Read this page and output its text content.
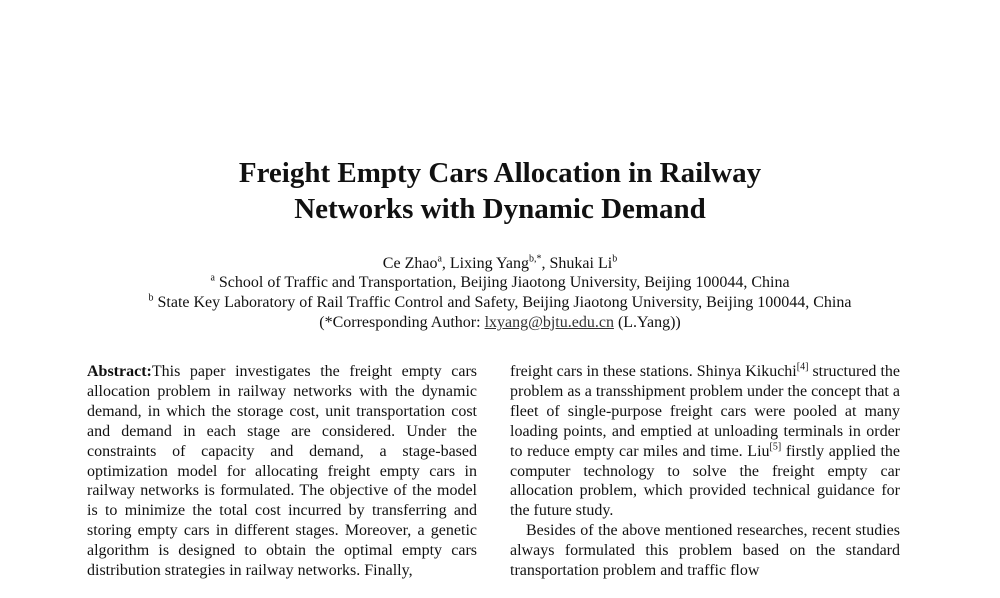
Freight Empty Cars Allocation in Railway
Networks with Dynamic Demand
Ce Zhao$^a$, Lixing Yang$^{b,*}$, Shukai Li$^b$
$^a$ School of Traffic and Transportation, Beijing Jiaotong University, Beijing 100044, China
$^b$ State Key Laboratory of Rail Traffic Control and Safety, Beijing Jiaotong University, Beijing 100044, China
(*Corresponding Author: lxyang@bjtu.edu.cn (L.Yang))

Abstract:This paper investigates the freight empty cars allocation problem in railway networks with the dynamic demand, in which the storage cost, unit transportation cost and demand in each stage are considered. Under the constraints of capacity and demand, a stage-based optimization model for allocating freight empty cars in railway networks is formulated. The objective of the model is to minimize the total cost incurred by transferring and storing empty cars in different stages. Moreover, a genetic algorithm is designed to obtain the optimal empty cars distribution strategies in railway networks. Finally,

freight cars in these stations. Shinya Kikuchi[4] structured the problem as a transshipment problem under the concept that a fleet of single-purpose freight cars were pooled at many loading points, and emptied at unloading terminals in order to reduce empty car miles and time. Liu[5] firstly applied the computer technology to solve the freight empty car allocation problem, which provided technical guidance for the future study.

Besides of the above mentioned researches, recent studies always formulated this problem based on the standard transportation problem and traffic flow
